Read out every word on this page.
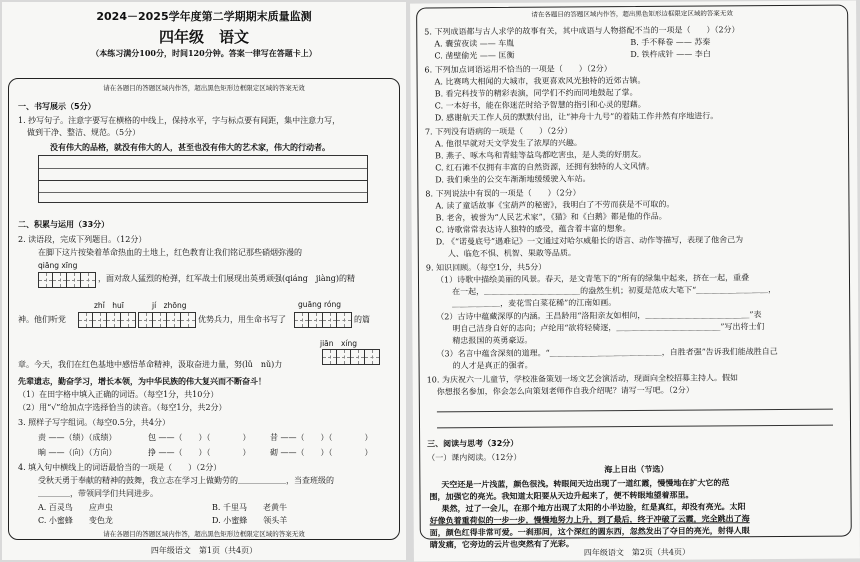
2024－2025学年度第二学期期末质量监测
四年级　语文
（本练习满分100分，时间120分钟。答案一律写在答题卡上）
请在各题目的答题区域内作答，超出黑色矩形边框限定区域的答案无效
一、书写展示（5分）
1. 抄写句子。注意字要写在横格的中线上，保持水平，字与标点要有间距，集中注意力写，
做到干净、整洁、规范。（5分）
没有伟大的品格，就没有伟大的人，甚至也没有伟大的艺术家，伟大的行动者。
二、积累与运用（33分）
2. 读语段，完成下列题目。（12分）
在脚下这片按染着革命热血的土地上，红色教育让我们铭记那些硝烟弥漫的
qiāng xīng
，面对敌人猛烈的枪弹，红军战士们展现出英勇顽强(qiáng　jiàng)的精
zhǐ　huī	jí　zhōng	guāng róng
神。他们听党	优势兵力，用生命书写了	的篇
jiān　xíng
章。今天，我们在红色基地中感悟革命精神，汲取奋进力量，努(lǔ　nǔ)力
先辈遗志，勤奋学习，增长本领，为中华民族的伟大复兴而不断奋斗！
（1）在田字格中填入正确的词语。（每空1分，共10分）
（2）用“√”给加点字选择恰当的读音。（每空1分，共2分）
3. 照样子写字组词。（每空0.5分，共4分）
责 ——（绩）（成绩）	包 ——（　　）（　　　　） 昔 ——（　　）（　　　　）
晌 ——（向）（方向）	挣 ——（　　）（　　　　） 砌 ——（　　）（　　　　）
4. 填入句中横线上的词语最恰当的一项是（　　）（2分）
受秋天勇于奉献的精神的鼓舞，我立志在学习上做勤劳的＿＿＿＿＿＿，当查班级的
＿＿＿＿，带领同学们共同进步。
A. 百灵鸟　　应声虫	B. 千里马　　老黄牛
C. 小蜜蜂　　变色龙	D. 小蜜蜂　　领头羊
请在各题目的答题区域内作答，超出黑色矩形边框限定区域的答案无效
四年级语文　第1页（共4页）
请在各题目的答题区域内作答，超出黑色矩形边框限定区域的答案无效
5. 下列成语都与古人求学的故事有关，其中成语与人物搭配不当的一项是（　　）（2分）
A. 囊萤夜读 —— 车胤	B. 手不释卷 —— 苏秦
C. 凿壁偷光 —— 匡衡	D. 铁杵成针 —— 李白
6. 下列加点词语运用不恰当的一项是（　　）（2分）
A. 比赛鸣大相闻的大城市，我更喜欢风光独特的近郊古镇。
B. 看完科技节的精彩表演，同学们不约而同地鼓起了掌。
C. 一本好书，能在你迷茫时给予智慧的指引和心灵的慰藉。
D. 感谢航天工作人员的默默付出，让“神舟十九号”的着陆工作井然有序地进行。
7. 下列没有语病的一项是（　　）（2分）
A. 他很早就对天文学发生了浓厚的兴趣。
B. 燕子、啄木鸟和青蛙等益鸟都吃害虫，是人类的好朋友。
C. 红石滩不仅拥有丰富的自然资源，还拥有独特的人文风情。
D. 我们乘坐的公交车渐渐地缓缓驶入车站。
8. 下列说法中有误的一项是（　　）（2分）
A. 读了童话故事《宝葫芦的秘密》，我明白了不劳而获是不可取的。
B. 老舍，被誉为“人民艺术家”，《猫》和《白鹅》都是他的作品。
C. 诗歌常常表达诗人独特的感受，蕴含着丰富的想象。
D. 《“诺曼底号”遇难记》一文通过对哈尔威船长的语言、动作等描写，表现了他舍己为
人、临危不惧、机智、果敢等品质。
9. 知识回顾。（每空1分，共5分）
（1）诗歌中描绘美丽的风景。春天，是文青笔下的“所有的绿集中起来，挤在一起，重叠
在一起，＿＿＿＿＿＿＿＿＿＿＿＿的盎然生机；初夏是范成大笔下“＿＿＿＿＿＿＿＿＿，
＿＿＿＿＿＿，麦花雪白菜花稀”的江南如画。
（2）古诗中蕴藏深厚的内涵。王昌龄用“洛阳亲友如相问，＿＿＿＿＿＿＿＿＿＿＿＿＿”表
明自己洁身自好的志向；卢纶用“欲将轻骑逐，＿＿＿＿＿＿＿＿＿＿＿＿＿”写出将士们
精忠报国的英勇豪迈。
（3）名言中蕴含深刻的道理。“＿＿＿＿＿＿＿＿＿＿＿＿＿＿，自胜者强”告诉我们能战胜自己
的人才是真正的强者。
10. 为庆祝六一儿童节，学校准备策划一场文艺会演活动，现面向全校招募主持人。假如
你想报名参加，你会怎么向策划老师作自我介绍呢？请写一写吧。（2分）
三、阅读与思考（32分）
（一）课内阅读。（12分）
海上日出（节选）
天空还是一片浅蓝，颜色很浅。转眼间天边出现了一道红霞，慢慢地在扩大它的范
围，加强它的亮光。我知道太阳要从天边升起来了，便不转眼地望着那里。
果然，过了一会儿，在那个地方出现了太阳的小半边脸，红是真红，却没有亮光。太阳
好像负着重荷似的一步一步，慢慢地努力上升，到了最后，终于冲破了云霞，完全跳出了海
面，颜色红得非常可爱。一刹那间，这个深红的圆东西，忽然发出了夺目的亮光，射得人眼
睛发痛，它旁边的云片也突然有了光彩。
四年级语文　第2页（共4页）
